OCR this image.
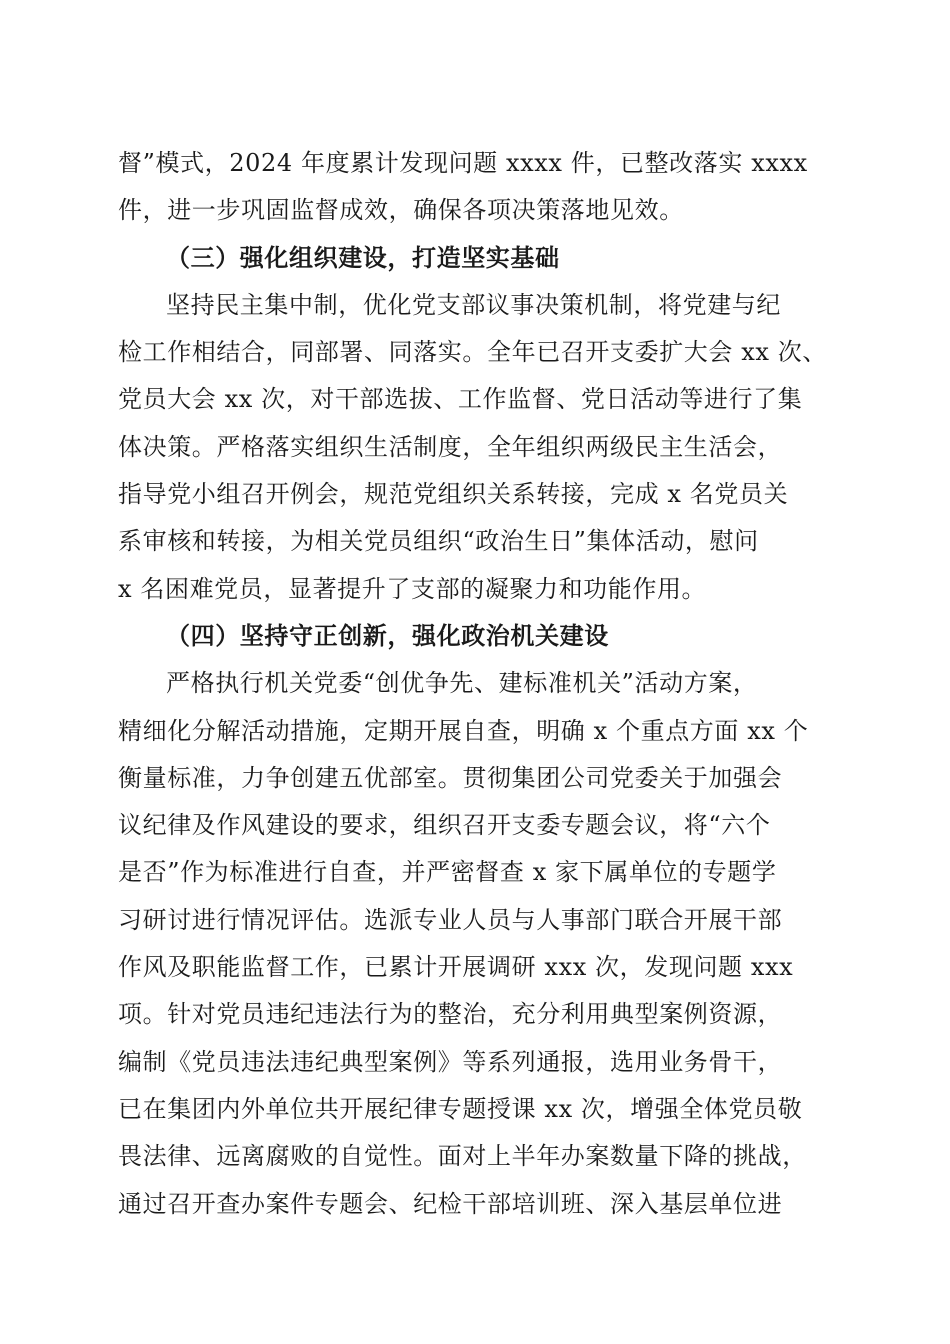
督”模式，2024 年度累计发现问题 xxxx 件，已整改落实 xxxx
件，进一步巩固监督成效，确保各项决策落地见效。
（三）强化组织建设，打造坚实基础
坚持民主集中制，优化党支部议事决策机制，将党建与纪
检工作相结合，同部署、同落实。全年已召开支委扩大会 xx 次、
党员大会 xx 次，对干部选拔、工作监督、党日活动等进行了集
体决策。严格落实组织生活制度，全年组织两级民主生活会，
指导党小组召开例会，规范党组织关系转接，完成 x 名党员关
系审核和转接，为相关党员组织“政治生日”集体活动，慰问
x 名困难党员，显著提升了支部的凝聚力和功能作用。
（四）坚持守正创新，强化政治机关建设
严格执行机关党委“创优争先、建标准机关”活动方案，
精细化分解活动措施，定期开展自查，明确 x 个重点方面 xx 个
衡量标准，力争创建五优部室。贯彻集团公司党委关于加强会
议纪律及作风建设的要求，组织召开支委专题会议，将“六个
是否”作为标准进行自查，并严密督查 x 家下属单位的专题学
习研讨进行情况评估。选派专业人员与人事部门联合开展干部
作风及职能监督工作，已累计开展调研 xxx 次，发现问题 xxx
项。针对党员违纪违法行为的整治，充分利用典型案例资源，
编制《党员违法违纪典型案例》等系列通报，选用业务骨干，
已在集团内外单位共开展纪律专题授课 xx 次，增强全体党员敬
畏法律、远离腐败的自觉性。面对上半年办案数量下降的挑战，
通过召开查办案件专题会、纪检干部培训班、深入基层单位进
